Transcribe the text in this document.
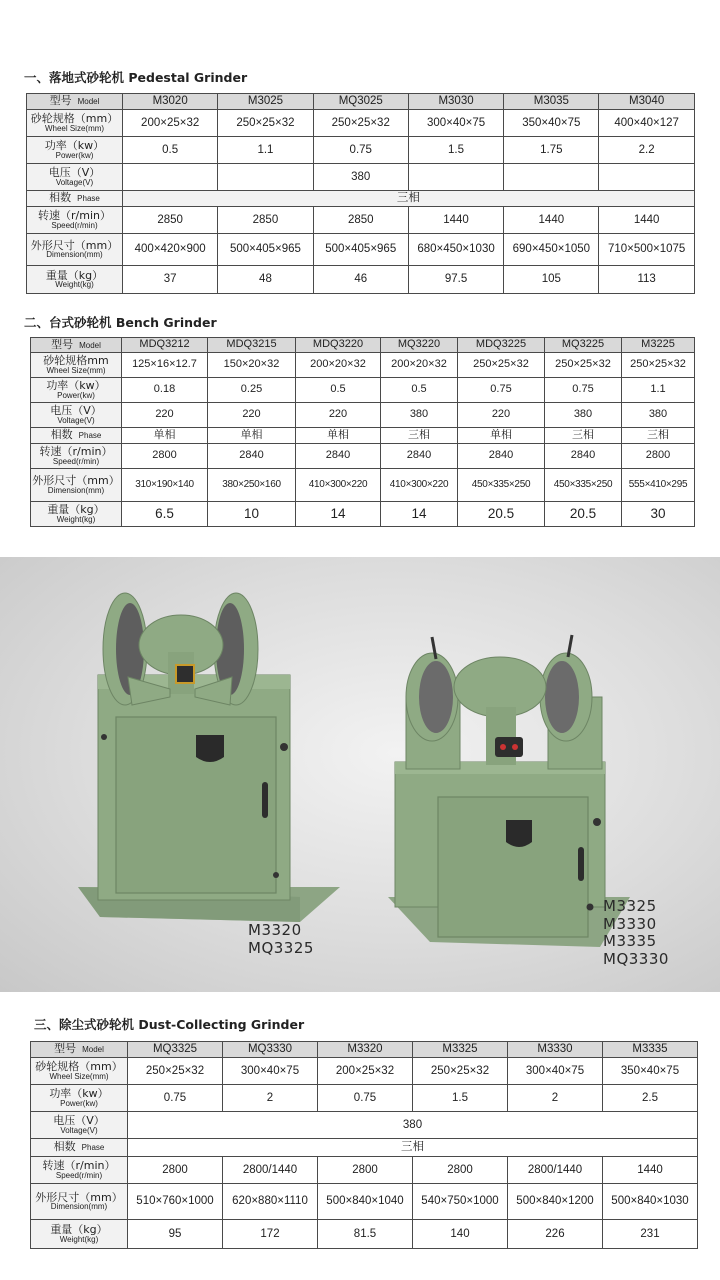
一、落地式砂轮机 Pedestal Grinder
型号 Model	M3020	M3025	MQ3025	M3030	M3035	M3040

砂轮规格（mm）
Wheel Size(mm)	200×25×32	250×25×32	250×25×32	300×40×75	350×40×75	400×40×127

功率（kw）
Power(kw)	0.5	1.1	0.75	1.5	1.75	2.2

电压（V）
Voltage(V)			380			
相数 Phase	三相					

转速（r/min）
Speed(r/min)	2850	2850	2850	1440	1440	1440

外形尺寸（mm）
Dimension(mm)	400×420×900	500×405×965	500×405×965	680×450×1030	690×450×1050	710×500×1075

重量（kg）
Weight(kg)	37	48	46	97.5	105	113
二、台式砂轮机 Bench Grinder
型号 Model	MDQ3212	MDQ3215	MDQ3220	MQ3220	MDQ3225	MQ3225	M3225

砂轮规格mm
Wheel Size(mm)	125×16×12.7	150×20×32	200×20×32	200×20×32	250×25×32	250×25×32	250×25×32

功率（kw）
Power(kw)	0.18	0.25	0.5	0.5	0.75	0.75	1.1

电压（V）
Voltage(V)	220	220	220	380	220	380	380
相数 Phase	单相	单相	单相	三相	单相	三相	三相

转速（r/min）
Speed(r/min)	2800	2840	2840	2840	2840	2840	2800

外形尺寸（mm）
Dimension(mm)	310×190×140	380×250×160	410×300×220	410×300×220	450×335×250	450×335×250	555×410×295

重量（kg）
Weight(kg)	6.5	10	14	14	20.5	20.5	30
M3320
MQ3325
M3325
M3330
M3335
MQ3330
三、除尘式砂轮机 Dust-Collecting Grinder
型号 Model	MQ3325	MQ3330	M3320	M3325	M3330	M3335

砂轮规格（mm）
Wheel Size(mm)	250×25×32	300×40×75	200×25×32	250×25×32	300×40×75	350×40×75

功率（kw）
Power(kw)	0.75	2	0.75	1.5	2	2.5

电压（V）
Voltage(V)	380					
相数 Phase	三相					

转速（r/min）
Speed(r/min)	2800	2800/1440	2800	2800	2800/1440	1440

外形尺寸（mm）
Dimension(mm)	510×760×1000	620×880×1110	500×840×1040	540×750×1000	500×840×1200	500×840×1030

重量（kg）
Weight(kg)	95	172	81.5	140	226	231
